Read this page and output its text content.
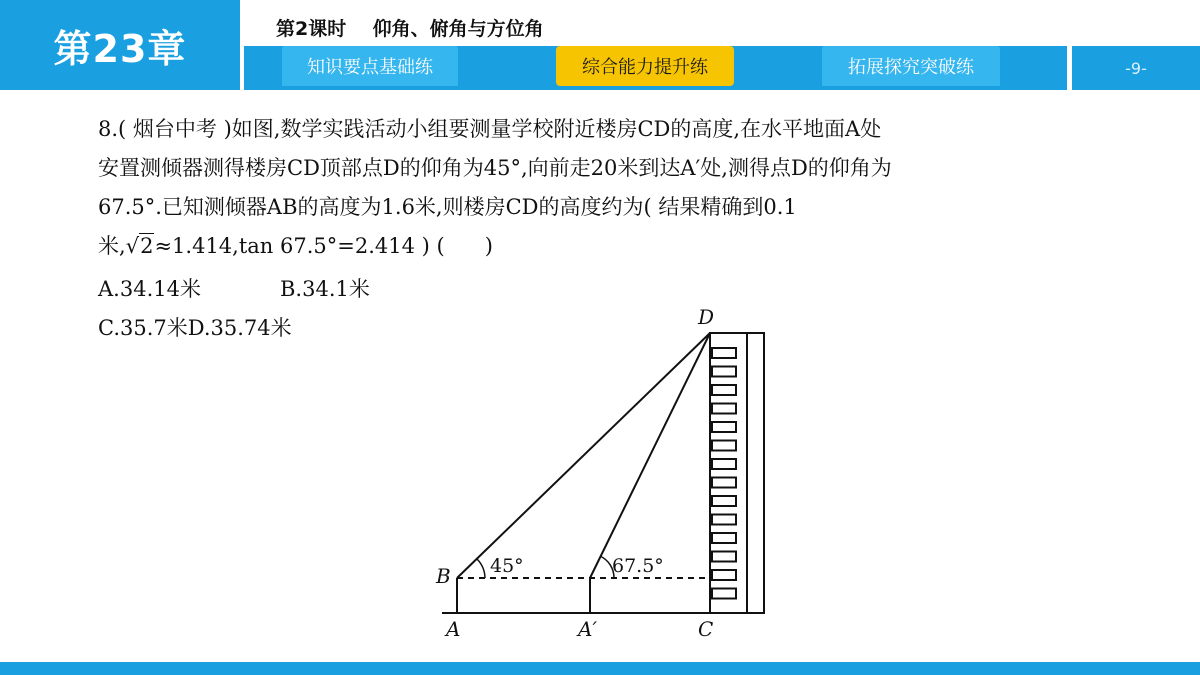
第23章	第2课时    仰角、俯角与方位角
知识要点基础练	综合能力提升练	拓展探究突破练	-9-
8.( 烟台中考 )如图,数学实践活动小组要测量学校附近楼房CD的高度,在水平地面A处
安置测倾器测得楼房CD顶部点D的仰角为45°,向前走20米到达A′处,测得点D的仰角为
67.5°.已知测倾器AB的高度为1.6米,则楼房CD的高度约为( 结果精确到0.1
米,√2≈1.414,tan 67.5°=2.414 ) (      )
A.34.14米	B.34.1米
C.35.7米D.35.74米
45°	67.5°
B
A	A′	C
D
